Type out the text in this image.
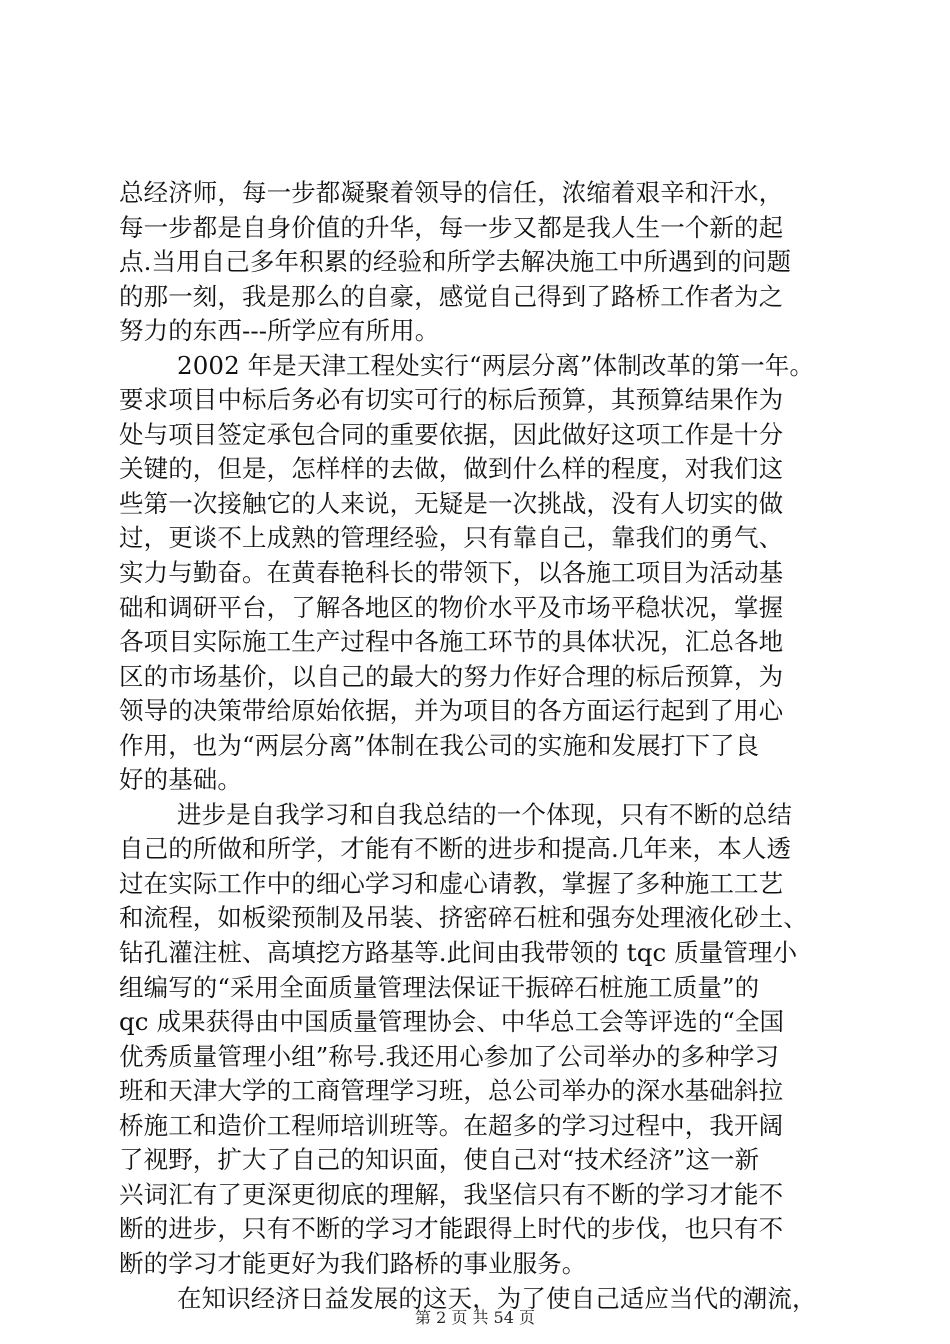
总经济师，每一步都凝聚着领导的信任，浓缩着艰辛和汗水，
每一步都是自身价值的升华，每一步又都是我人生一个新的起
点.当用自己多年积累的经验和所学去解决施工中所遇到的问题
的那一刻，我是那么的自豪，感觉自己得到了路桥工作者为之
努力的东西---所学应有所用。

2002 年是天津工程处实行“两层分离”体制改革的第一年。
要求项目中标后务必有切实可行的标后预算，其预算结果作为
处与项目签定承包合同的重要依据，因此做好这项工作是十分
关键的，但是，怎样样的去做，做到什么样的程度，对我们这
些第一次接触它的人来说，无疑是一次挑战，没有人切实的做
过，更谈不上成熟的管理经验，只有靠自己，靠我们的勇气、
实力与勤奋。在黄春艳科长的带领下，以各施工项目为活动基
础和调研平台，了解各地区的物价水平及市场平稳状况，掌握
各项目实际施工生产过程中各施工环节的具体状况，汇总各地
区的市场基价，以自己的最大的努力作好合理的标后预算，为
领导的决策带给原始依据，并为项目的各方面运行起到了用心
作用，也为“两层分离”体制在我公司的实施和发展打下了良
好的基础。

进步是自我学习和自我总结的一个体现，只有不断的总结
自己的所做和所学，才能有不断的进步和提高.几年来，本人透
过在实际工作中的细心学习和虚心请教，掌握了多种施工工艺
和流程，如板梁预制及吊装、挤密碎石桩和强夯处理液化砂土、
钻孔灌注桩、高填挖方路基等.此间由我带领的 tqc 质量管理小
组编写的“采用全面质量管理法保证干振碎石桩施工质量”的
qc 成果获得由中国质量管理协会、中华总工会等评选的“全国
优秀质量管理小组”称号.我还用心参加了公司举办的多种学习
班和天津大学的工商管理学习班，总公司举办的深水基础斜拉
桥施工和造价工程师培训班等。在超多的学习过程中，我开阔
了视野，扩大了自己的知识面，使自己对“技术经济”这一新
兴词汇有了更深更彻底的理解，我坚信只有不断的学习才能不
断的进步，只有不断的学习才能跟得上时代的步伐，也只有不
断的学习才能更好为我们路桥的事业服务。

在知识经济日益发展的这天，为了使自己适应当代的潮流，

第 2 页 共 54 页
